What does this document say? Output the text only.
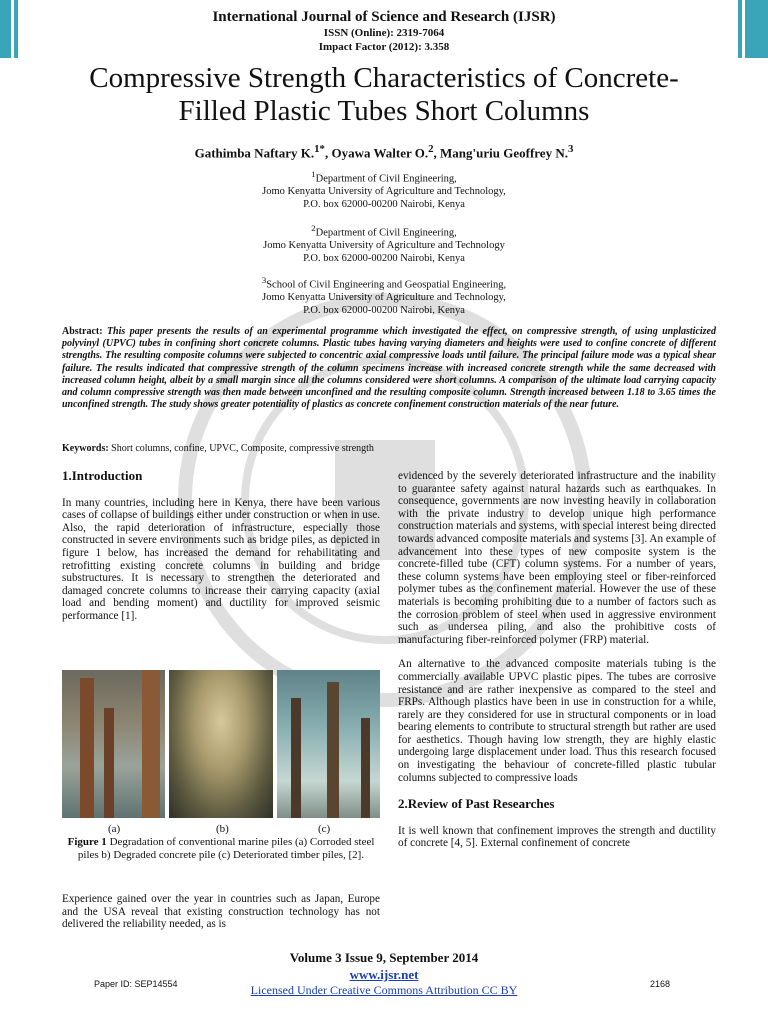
International Journal of Science and Research (IJSR)
ISSN (Online): 2319-7064
Impact Factor (2012): 3.358
Compressive Strength Characteristics of Concrete-
Filled Plastic Tubes Short Columns
Gathimba Naftary K.$^{1*}$, Oyawa Walter O.$^2$, Mang'uriu Geoffrey N.$^3$
$^1$Department of Civil Engineering,
Jomo Kenyatta University of Agriculture and Technology,
P.O. box 62000-00200 Nairobi, Kenya
$^2$Department of Civil Engineering,
Jomo Kenyatta University of Agriculture and Technology
P.O. box 62000-00200 Nairobi, Kenya
$^3$School of Civil Engineering and Geospatial Engineering,
Jomo Kenyatta University of Agriculture and Technology,
P.O. box 62000-00200 Nairobi, Kenya
Abstract: This paper presents the results of an experimental programme which investigated the effect, on compressive strength, of using unplasticized polyvinyl (UPVC) tubes in confining short concrete columns. Plastic tubes having varying diameters and heights were used to confine concrete of different strengths. The resulting composite columns were subjected to concentric axial compressive loads until failure. The principal failure mode was a typical shear failure. The results indicated that compressive strength of the column specimens increase with increased concrete strength while the same decreased with increased column height, albeit by a small margin since all the columns considered were short columns. A comparison of the ultimate load carrying capacity and column compressive strength was then made between unconfined and the resulting composite column. Strength increased between 1.18 to 3.65 times the unconfined strength. The study shows greater potentiality of plastics as concrete confinement construction materials of the near future.
Keywords: Short columns, confine, UPVC, Composite, compressive strength
1.Introduction
In many countries, including here in Kenya, there have been various cases of collapse of buildings either under construction or when in use. Also, the rapid deterioration of infrastructure, especially those constructed in severe environments such as bridge piles, as depicted in figure 1 below, has increased the demand for rehabilitating and retrofitting existing concrete columns in building and bridge substructures. It is necessary to strengthen the deteriorated and damaged concrete columns to increase their carrying capacity (axial load and bending moment) and ductility for improved seismic performance [1].
(a)	(b)	(c)
Figure 1 Degradation of conventional marine piles (a) Corroded steel piles b) Degraded concrete pile (c) Deteriorated timber piles, [2].
Experience gained over the year in countries such as Japan, Europe and the USA reveal that existing construction technology has not delivered the reliability needed, as is
evidenced by the severely deteriorated infrastructure and the inability to guarantee safety against natural hazards such as earthquakes. In consequence, governments are now investing heavily in collaboration with the private industry to develop unique high performance construction materials and systems, with special interest being directed towards advanced composite materials and systems [3]. An example of advancement into these types of new composite system is the concrete-filled tube (CFT) column systems. For a number of years, these column systems have been employing steel or fiber-reinforced polymer tubes as the confinement material. However the use of these materials is becoming prohibiting due to a number of factors such as the corrosion problem of steel when used in aggressive environment such as undersea piling, and also the prohibitive costs of manufacturing fiber-reinforced polymer (FRP) material.
An alternative to the advanced composite materials tubing is the commercially available UPVC plastic pipes. The tubes are corrosive resistance and are rather inexpensive as compared to the steel and FRPs. Although plastics have been in use in construction for a while, rarely are they considered for use in structural components or in load bearing elements to contribute to structural strength but rather are used for aesthetics. Though having low strength, they are highly elastic undergoing large displacement under load. Thus this research focused on investigating the behaviour of concrete-filled plastic tubular columns subjected to compressive loads
2.Review of Past Researches
It is well known that confinement improves the strength and ductility of concrete [4, 5]. External confinement of concrete
Volume 3 Issue 9, September 2014
www.ijsr.net
Licensed Under Creative Commons Attribution CC BY
Paper ID: SEP14554	2168
